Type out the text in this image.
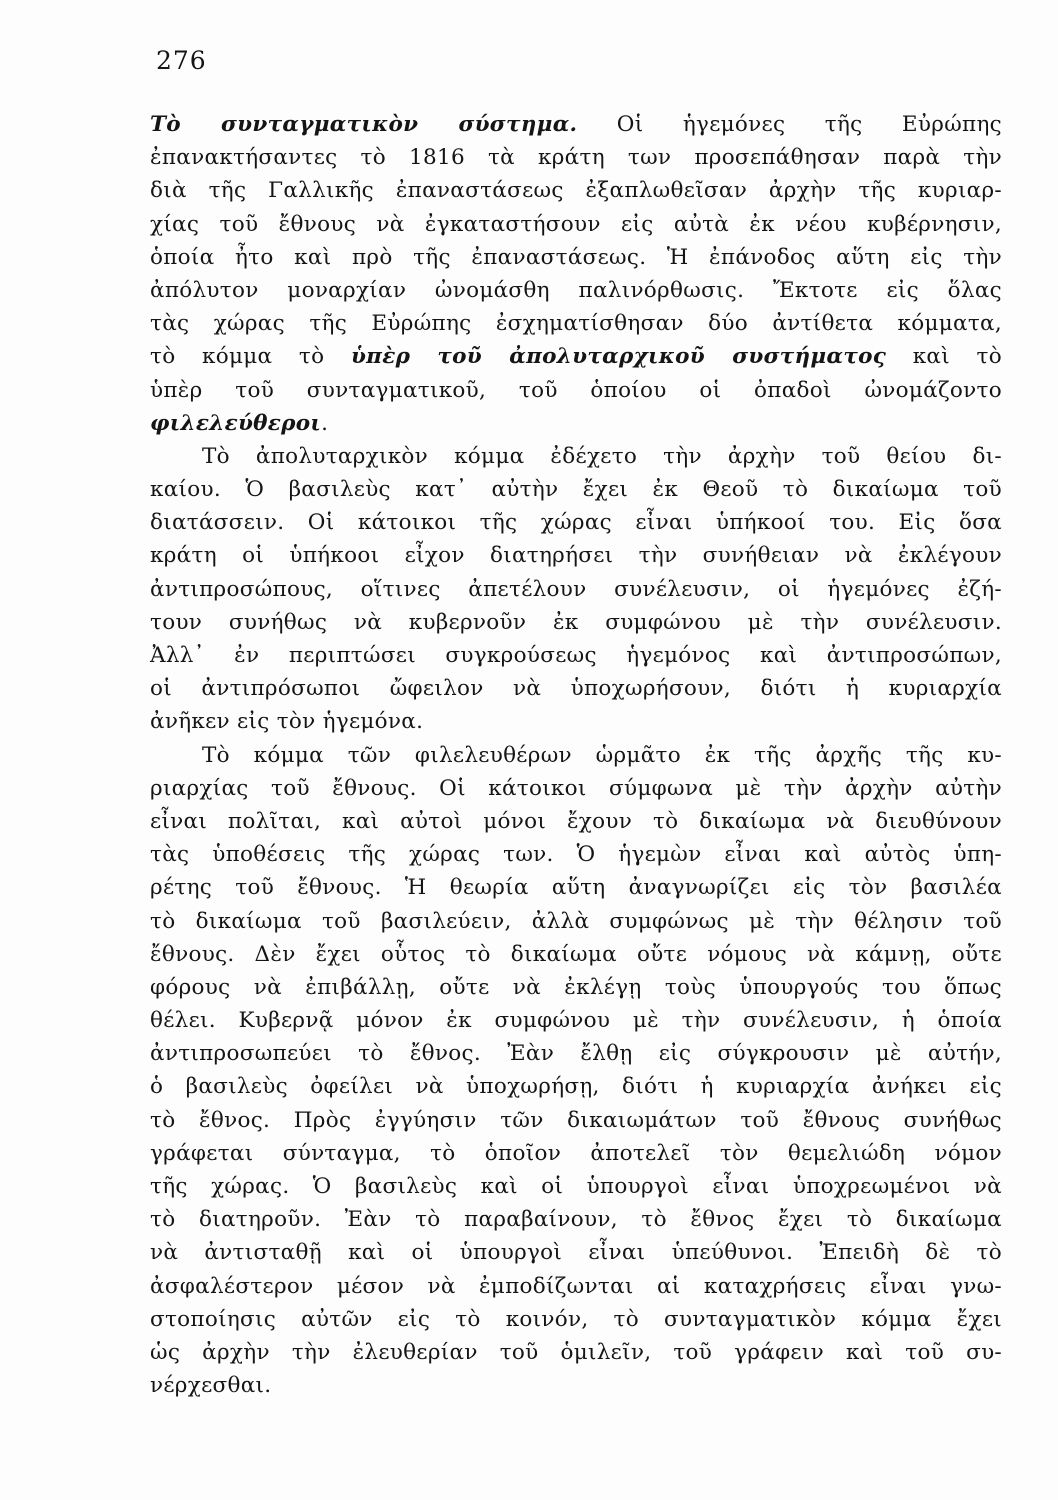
276
Τὸ συνταγματικὸν σύστημα. Οἱ ἡγεμόνες τῆς Εὐρώπης
ἐπανακτήσαντες τὸ 1816 τὰ κράτη των προσεπάθησαν παρὰ τὴν
διὰ τῆς Γαλλικῆς ἐπαναστάσεως ἐξαπλωθεῖσαν ἀρχὴν τῆς κυριαρ-
χίας τοῦ ἔθνους νὰ ἐγκαταστήσουν εἰς αὐτὰ ἐκ νέου κυβέρνησιν,
ὁποία ἦτο καὶ πρὸ τῆς ἐπαναστάσεως. Ἡ ἐπάνοδος αὕτη εἰς τὴν
ἀπόλυτον μοναρχίαν ὠνομάσθη παλινόρθωσις. Ἔκτοτε εἰς ὅλας
τὰς χώρας τῆς Εὐρώπης ἐσχηματίσθησαν δύο ἀντίθετα κόμματα,
τὸ κόμμα τὸ ὑπὲρ τοῦ ἀπολυταρχικοῦ συστήματος καὶ τὸ
ὑπὲρ τοῦ συνταγματικοῦ, τοῦ ὁποίου οἱ ὀπαδοὶ ὠνομάζοντο
φιλελεύθεροι.
Τὸ ἀπολυταρχικὸν κόμμα ἐδέχετο τὴν ἀρχὴν τοῦ θείου δι-
καίου. Ὁ βασιλεὺς κατ᾽ αὐτὴν ἔχει ἐκ Θεοῦ τὸ δικαίωμα τοῦ
διατάσσειν. Οἱ κάτοικοι τῆς χώρας εἶναι ὑπήκοοί του. Εἰς ὅσα
κράτη οἱ ὑπήκοοι εἶχον διατηρήσει τὴν συνήθειαν νὰ ἐκλέγουν
ἀντιπροσώπους, οἵτινες ἀπετέλουν συνέλευσιν, οἱ ἡγεμόνες ἐζή-
τουν συνήθως νὰ κυβερνοῦν ἐκ συμφώνου μὲ τὴν συνέλευσιν.
Ἀλλ᾽ ἐν περιπτώσει συγκρούσεως ἡγεμόνος καὶ ἀντιπροσώπων,
οἱ ἀντιπρόσωποι ὤφειλον νὰ ὑποχωρήσουν, διότι ἡ κυριαρχία
ἀνῆκεν εἰς τὸν ἡγεμόνα.
Τὸ κόμμα τῶν φιλελευθέρων ὡρμᾶτο ἐκ τῆς ἀρχῆς τῆς κυ-
ριαρχίας τοῦ ἔθνους. Οἱ κάτοικοι σύμφωνα μὲ τὴν ἀρχὴν αὐτὴν
εἶναι πολῖται, καὶ αὐτοὶ μόνοι ἔχουν τὸ δικαίωμα νὰ διευθύνουν
τὰς ὑποθέσεις τῆς χώρας των. Ὁ ἡγεμὼν εἶναι καὶ αὐτὸς ὑπη-
ρέτης τοῦ ἔθνους. Ἡ θεωρία αὕτη ἀναγνωρίζει εἰς τὸν βασιλέα
τὸ δικαίωμα τοῦ βασιλεύειν, ἀλλὰ συμφώνως μὲ τὴν θέλησιν τοῦ
ἔθνους. Δὲν ἔχει οὗτος τὸ δικαίωμα οὔτε νόμους νὰ κάμνῃ, οὔτε
φόρους νὰ ἐπιβάλλῃ, οὔτε νὰ ἐκλέγῃ τοὺς ὑπουργούς του ὅπως
θέλει. Κυβερνᾷ μόνον ἐκ συμφώνου μὲ τὴν συνέλευσιν, ἡ ὁποία
ἀντιπροσωπεύει τὸ ἔθνος. Ἐὰν ἔλθῃ εἰς σύγκρουσιν μὲ αὐτήν,
ὁ βασιλεὺς ὀφείλει νὰ ὑποχωρήσῃ, διότι ἡ κυριαρχία ἀνήκει εἰς
τὸ ἔθνος. Πρὸς ἐγγύησιν τῶν δικαιωμάτων τοῦ ἔθνους συνήθως
γράφεται σύνταγμα, τὸ ὁποῖον ἀποτελεῖ τὸν θεμελιώδη νόμον
τῆς χώρας. Ὁ βασιλεὺς καὶ οἱ ὑπουργοὶ εἶναι ὑποχρεωμένοι νὰ
τὸ διατηροῦν. Ἐὰν τὸ παραβαίνουν, τὸ ἔθνος ἔχει τὸ δικαίωμα
νὰ ἀντισταθῇ καὶ οἱ ὑπουργοὶ εἶναι ὑπεύθυνοι. Ἐπειδὴ δὲ τὸ
ἀσφαλέστερον μέσον νὰ ἐμποδίζωνται αἱ καταχρήσεις εἶναι γνω-
στοποίησις αὐτῶν εἰς τὸ κοινόν, τὸ συνταγματικὸν κόμμα ἔχει
ὡς ἀρχὴν τὴν ἐλευθερίαν τοῦ ὁμιλεῖν, τοῦ γράφειν καὶ τοῦ συ-
νέρχεσθαι.
